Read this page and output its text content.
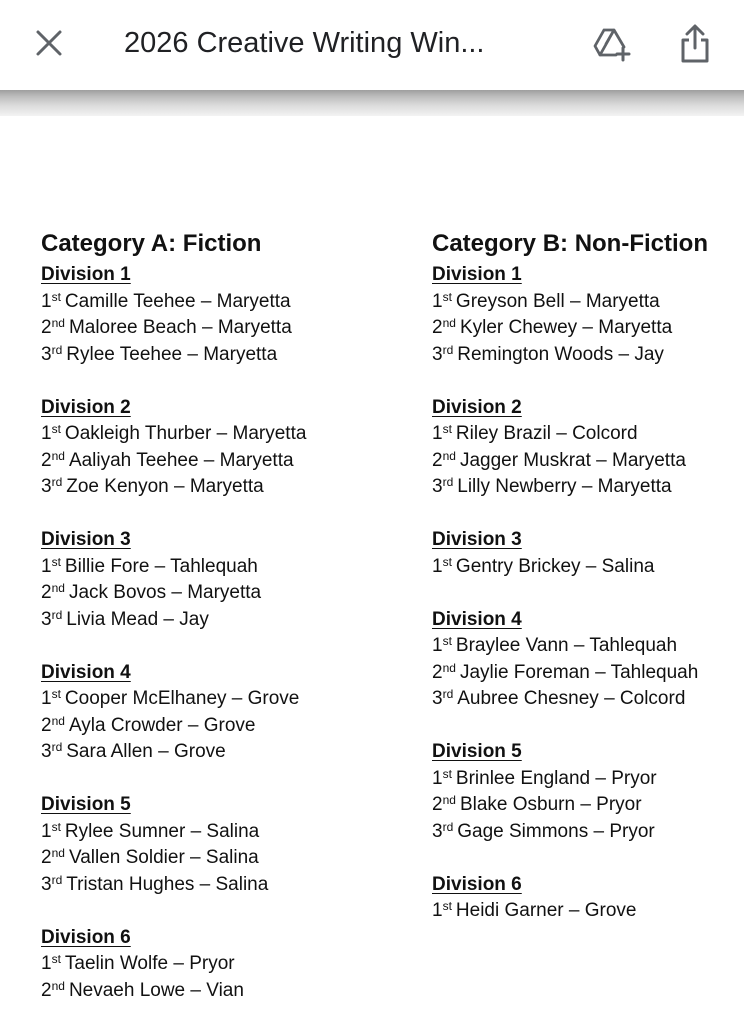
2026 Creative Writing Win...
Category A: Fiction
Division 1
1st Camille Teehee – Maryetta
2nd Maloree Beach – Maryetta
3rd Rylee Teehee – Maryetta
Division 2
1st Oakleigh Thurber – Maryetta
2nd Aaliyah Teehee – Maryetta
3rd Zoe Kenyon – Maryetta
Division 3
1st Billie Fore – Tahlequah
2nd Jack Bovos – Maryetta
3rd Livia Mead – Jay
Division 4
1st Cooper McElhaney – Grove
2nd Ayla Crowder – Grove
3rd Sara Allen – Grove
Division 5
1st Rylee Sumner – Salina
2nd Vallen Soldier – Salina
3rd Tristan Hughes – Salina
Division 6
1st Taelin Wolfe – Pryor
2nd Nevaeh Lowe – Vian
Category B: Non-Fiction
Division 1
1st Greyson Bell – Maryetta
2nd Kyler Chewey – Maryetta
3rd Remington Woods – Jay
Division 2
1st Riley Brazil – Colcord
2nd Jagger Muskrat – Maryetta
3rd Lilly Newberry – Maryetta
Division 3
1st Gentry Brickey – Salina
Division 4
1st Braylee Vann – Tahlequah
2nd Jaylie Foreman – Tahlequah
3rd Aubree Chesney – Colcord
Division 5
1st Brinlee England – Pryor
2nd Blake Osburn – Pryor
3rd Gage Simmons – Pryor
Division 6
1st Heidi Garner – Grove
